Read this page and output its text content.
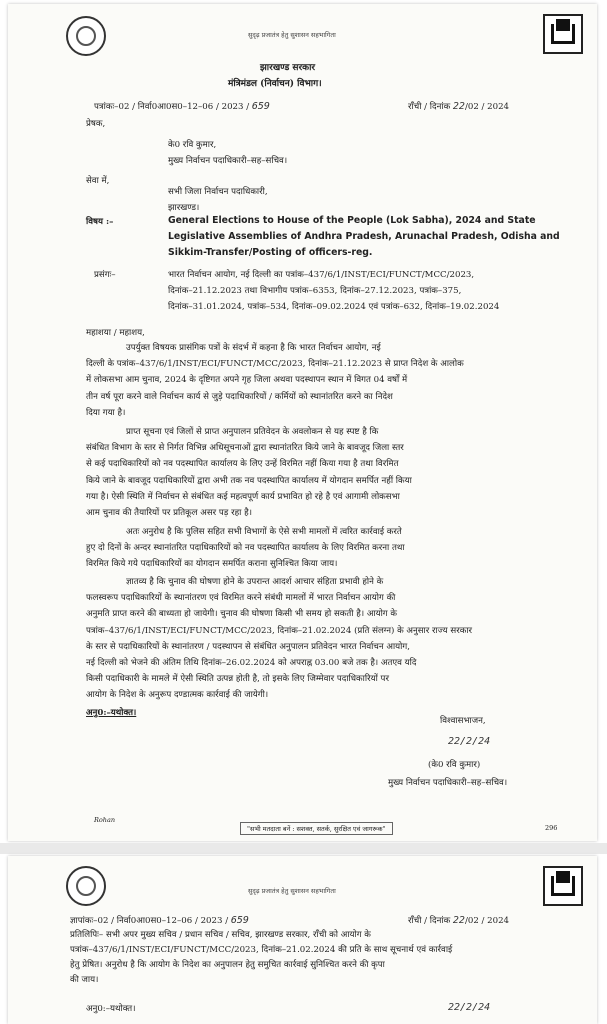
सुदृढ़ प्रजातंत्र हेतु सुशासन सहभागिता
झारखण्ड सरकार
मंत्रिमंडल (निर्वाचन) विभाग।
पत्रांकः–02 / निर्वा0आ0स0–12–06 / 2023 / 659	राँची / दिनांक 22/02 / 2024
प्रेषक,
के0 रवि कुमार,
मुख्य निर्वाचन पदाधिकारी–सह–सचिव।
सेवा में,
सभी जिला निर्वाचन पदाधिकारी,
झारखण्ड।
विषय :–	General Elections to House of the People (Lok Sabha), 2024 and State
Legislative Assemblies of Andhra Pradesh, Arunachal Pradesh, Odisha and
Sikkim-Transfer/Posting of officers-reg.
प्रसंगः–	भारत निर्वाचन आयोग, नई दिल्ली का पत्रांक–437/6/1/INST/ECI/FUNCT/MCC/2023,
दिनांक–21.12.2023 तथा विभागीय पत्रांक–6353, दिनांक–27.12.2023, पत्रांक–375,
दिनांक–31.01.2024, पत्रांक–534, दिनांक–09.02.2024 एवं पत्रांक–632, दिनांक–19.02.2024
महाशया / महाशय,
उपर्युक्त विषयक प्रासंगिक पत्रों के संदर्भ में कहना है कि भारत निर्वाचन आयोग, नई
दिल्ली के पत्रांक–437/6/1/INST/ECI/FUNCT/MCC/2023, दिनांक–21.12.2023 से प्राप्त निदेश के आलोक
में लोकसभा आम चुनाव, 2024 के दृष्टिगत अपने गृह जिला अथवा पदस्थापन स्थान में विगत 04 वर्षों में
तीन वर्ष पूरा करने वाले निर्वाचन कार्य से जुड़े पदाधिकारियों / कर्मियों को स्थानांतरित करने का निदेश
दिया गया है।
प्राप्त सूचना एवं जिलों से प्राप्त अनुपालन प्रतिवेदन के अवलोकन से यह स्पष्ट है कि
संबंधित विभाग के स्तर से निर्गत विभिन्न अधिसूचनाओं द्वारा स्थानांतरित किये जाने के बावजूद जिला स्तर
से कई पदाधिकारियों को नव पदस्थापित कार्यालय के लिए उन्हें विरमित नहीं किया गया है तथा विरमित
किये जाने के बावजूद पदाधिकारियों द्वारा अभी तक नव पदस्थापित कार्यालय में योगदान समर्पित नहीं किया
गया है। ऐसी स्थिति में निर्वाचन से संबंधित कई महत्वपूर्ण कार्य प्रभावित हो रहे है एवं आगामी लोकसभा
आम चुनाव की तैयारियों पर प्रतिकूल असर पड़ रहा है।
अतः अनुरोध है कि पुलिस सहित सभी विभागों के ऐसे सभी मामलों में त्वरित कार्रवाई करते
हुए दो दिनों के अन्दर स्थानांतरित पदाधिकारियों को नव पदस्थापित कार्यालय के लिए विरमित करना तथा
विरमित किये गये पदाधिकारियों का योगदान समर्पित कराना सुनिश्चित किया जाय।
ज्ञातव्य है कि चुनाव की घोषणा होने के उपरान्त आदर्श आचार संहिता प्रभावी होने के
फलस्वरूप पदाधिकारियों के स्थानांतरण एवं विरमित करने संबंधी मामलों में भारत निर्वाचन आयोग की
अनुमति प्राप्त करने की बाध्यता हो जायेगी। चुनाव की घोषणा किसी भी समय हो सकती है। आयोग के
पत्रांक–437/6/1/INST/ECI/FUNCT/MCC/2023, दिनांक–21.02.2024 (प्रति संलग्न) के अनुसार राज्य सरकार
के स्तर से पदाधिकारियों के स्थानांतरण / पदस्थापन से संबंधित अनुपालन प्रतिवेदन भारत निर्वाचन आयोग,
नई दिल्ली को भेजने की अंतिम तिथि दिनांक–26.02.2024 को अपराह्न 03.00 बजे तक है। अतएव यदि
किसी पदाधिकारी के मामले में ऐसी स्थिति उत्पन्न होती है, तो इसके लिए जिम्मेवार पदाधिकारियों पर
आयोग के निदेश के अनुरूप दण्डात्मक कार्रवाई की जायेगी।
अनु0:–यथोक्त।
विश्वासभाजन,
22/2/24
(के0 रवि कुमार)
मुख्य निर्वाचन पदाधिकारी–सह–सचिव।
Rohan
"सभी मतदाता बनें : सशक्त, सतर्क, सुरक्षित एवं जागरूक"	296
सुदृढ़ प्रजातंत्र हेतु सुशासन सहभागिता
ज्ञापांकः–02 / निर्वा0आ0स0–12–06 / 2023 / 659	राँची / दिनांक 22/02 / 2024
प्रतिलिपिः– सभी अपर मुख्य सचिव / प्रधान सचिव / सचिव, झारखण्ड सरकार, राँची को आयोग के
पत्रांक–437/6/1/INST/ECI/FUNCT/MCC/2023, दिनांक–21.02.2024 की प्रति के साथ सूचनार्थ एवं कार्रवाई
हेतु प्रेषित। अनुरोध है कि आयोग के निदेश का अनुपालन हेतु समुचित कार्रवाई सुनिश्चित करने की कृपा
की जाय।
अनु0:–यथोक्त।	22/2/24
